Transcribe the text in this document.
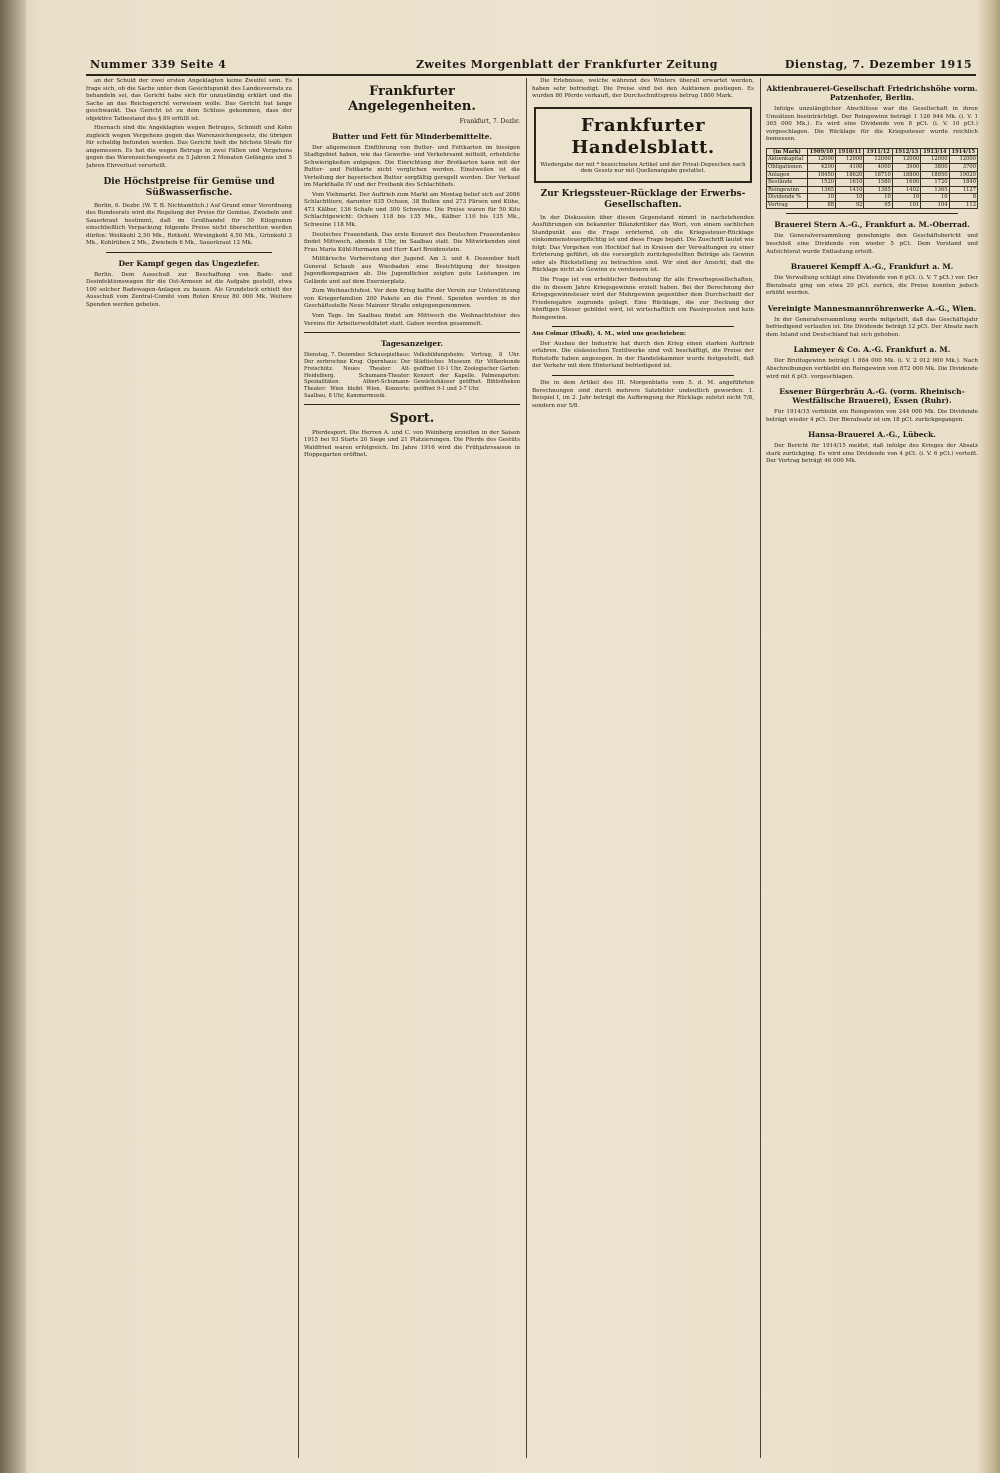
Nummer 339 Seite 4	Zweites Morgenblatt der Frankfurter Zeitung	Dienstag, 7. Dezember 1915

an der Schuld der zwei ersten Angeklagten keine Zweifel sein. Es frage sich, ob die Sache unter dem Gesichtspunkt des Landesverrats zu behandeln sei, das Gericht habe sich für unzuständig erklärt und die Sache an das Reichsgericht verweisen wolle. Das Gericht hat lange geschwankt. Das Gericht ist zu dem Schluss gekommen, dass der objektive Tatbestand des § 89 erfüllt ist.

Hiernach sind die Angeklagten wegen Betruges, Schmidt und Kohn zugleich wegen Vergehens gegen das Warenzeichengesetz, die übrigen für schuldig befunden worden. Das Gericht hielt die höchste Strafe für angemessen. Es hat die wegen Betrugs in zwei Fällen und Vergehens gegen das Warenzeichengesetz zu 5 Jahren 2 Monaten Gefängnis und 5 Jahren Ehrverlust verurteilt.

Die Höchstpreise für Gemüse und Süßwasserfische.

Berlin, 6. Dezbr. (W. T. B. Nichtamtlich.) Auf Grund einer Verordnung des Bundesrats wird die Regelung der Preise für Gemüse, Zwiebeln und Sauerkraut bestimmt, daß im Großhandel für 50 Kilogramm einschließlich Verpackung folgende Preise nicht überschritten werden dürfen: Weißkohl 2,50 Mk., Rotkohl, Wirsingkohl 4,50 Mk., Grünkohl 3 Mk., Kohlrüben 2 Mk., Zwiebeln 6 Mk., Sauerkraut 12 Mk.

Der Kampf gegen das Ungeziefer.

Berlin. Dem Ausschuß zur Beschaffung von Bade- und Desinfektionswagen für die Ost-Armeen ist die Aufgabe gestellt, etwa 100 solcher Badewagen-Anlagen zu bauen. Als Grundstock erhielt der Ausschuß vom Zentral-Comité vom Roten Kreuz 80 000 Mk. Weitere Spenden werden gebeten.

Frankfurter Angelegenheiten.
Frankfurt, 7. Dezbr.
Butter und Fett für Minderbemittelte.

Der allgemeinen Einführung von Butter- und Fettkarten im hiesigen Stadtgebiet haben, wie das Gewerbe- und Verkehrsamt mitteilt, erhebliche Schwierigkeiten entgegen. Die Einrichtung der Brotkarten kann mit der Butter- und Fettkarte nicht verglichen werden. Einstweilen ist die Verteilung der bayerischen Butter sorgfältig geregelt worden. Der Verkauf im Markthalle IV und der Freibank des Schlachthofs.

Vom Viehmarkt. Der Auftrieb zum Markt am Montag belief sich auf 2086 Schlachttiere, darunter 635 Ochsen, 38 Bullen und 273 Färsen und Kühe, 473 Kälber, 136 Schafe und 300 Schweine. Die Preise waren für 50 Kilo Schlachtgewicht: Ochsen 118 bis 135 Mk., Kälber 110 bis 135 Mk., Schweine 118 Mk.

Deutsches Frauendank. Das erste Konzert des Deutschen Frauendankes findet Mittwoch, abends 8 Uhr, im Saalbau statt. Die Mitwirkenden sind Frau Maria Kühl-Hermann und Herr Karl Breidenstein.

Militärische Vorbereitung der Jugend. Am 3. und 4. Dezember hielt General Schaub aus Wiesbaden eine Besichtigung der hiesigen Jugendkompagnien ab. Die Jugendlichen zeigten gute Leistungen im Gelände und auf dem Exerzierplatz.

Zum Weihnachtsfest. Vor dem Krieg halfte der Verein zur Unterstützung von Kriegerfamilien 200 Pakete an die Front. Spenden werden in der Geschäftsstelle Neue Mainzer Straße entgegengenommen.

Vom Tage. Im Saalbau findet am Mittwoch die Weihnachtsfeier des Vereins für Arbeiterwohlfahrt statt. Gaben werden gesammelt.

Tagesanzeiger.
Dienstag, 7. Dezember. Schauspielhaus: Der zerbrochne Krug. Opernhaus: Der Freischütz. Neues Theater: Alt-Heidelberg. Schumann-Theater: Spezialitäten. Albert-Schumann-Theater: Wien bleibt Wien. Konzerte: Saalbau, 8 Uhr, Kammermusik.
Volksbildungsheim: Vortrag, 8 Uhr. Städtisches Museum für Völkerkunde geöffnet 10-1 Uhr. Zoologischer Garten: Konzert der Kapelle. Palmengarten: Gewächshäuser geöffnet. Bibliotheken geöffnet 9-1 und 3-7 Uhr.
Sport.

Pferdesport. Die Herren A. und C. von Weinberg erzielten in der Saison 1915 bei 93 Starts 20 Siege und 21 Platzierungen. Die Pferde des Gestüts Waldfried waren erfolgreich. Im Jahre 1916 wird die Frühjahrssaison in Hoppegarten eröffnet.

Die Erlebnisse, welche während des Winters überall erwartet werden, haben sehr befriedigt. Die Preise sind bei den Auktionen gestiegen. Es wurden 80 Pferde verkauft, der Durchschnittspreis betrug 1800 Mark.

Frankfurter Handelsblatt.
Wiedergabe der mit * bezeichneten Artikel und der Privat-Depeschen nach dem Gesetz nur mit Quellenangabe gestattet.
Zur Kriegssteuer-Rücklage der Erwerbs-Gesellschaften.

In der Diskussion über diesen Gegenstand nimmt in nachstehenden Ausführungen ein bekannter Bilanzkritiker das Wort, von einem sachlichen Standpunkt aus die Frage erörternd, ob die Kriegssteuer-Rücklage einkommensteuerpflichtig ist und diese Frage bejaht. Die Zuschrift lautet wie folgt: Das Vorgehen von Hochtief hat in Kreisen der Verwaltungen zu einer Erörterung geführt, ob die vorsorglich zurückgestellten Beträge als Gewinn oder als Rückstellung zu betrachten sind. Wir sind der Ansicht, daß die Rücklage nicht als Gewinn zu versteuern ist.

Die Frage ist von erheblicher Bedeutung für alle Erwerbsgesellschaften, die in diesem Jahre Kriegsgewinne erzielt haben. Bei der Berechnung der Kriegsgewinnsteuer wird der Mehrgewinn gegenüber dem Durchschnitt der Friedensjahre zugrunde gelegt. Eine Rücklage, die zur Deckung der künftigen Steuer gebildet wird, ist wirtschaftlich ein Passivposten und kein Reingewinn.

Aus Colmar (Elsaß), 4. M., wird uns geschrieben:

Der Ausbau der Industrie hat durch den Krieg einen starken Auftrieb erfahren. Die elsässischen Textilwerke sind voll beschäftigt, die Preise der Rohstoffe haben angezogen. In der Handelskammer wurde festgestellt, daß der Verkehr mit dem Hinterland befriedigend ist.

Die in dem Artikel des III. Morgenblatts vom 5. d. M. angeführten Berechnungen sind durch mehrere Satzfehler undeutlich geworden: 1. Beispiel I, im 2. Jahr beträgt die Aufbringung der Rücklage zuletzt nicht 7/8, sondern nur 5/8.

Aktienbrauerei-Gesellschaft Friedrichshöhe vorm. Patzenhofer, Berlin.

Infolge unzulänglicher Abschlüsse war die Gesellschaft in ihren Umsätzen beeinträchtigt. Der Reingewinn beträgt 1 126 944 Mk. (i. V. 1 365 000 Mk.). Es wird eine Dividende von 8 pCt. (i. V. 10 pCt.) vorgeschlagen. Die Rücklage für die Kriegssteuer wurde reichlich bemessen.

(in Mark)	1909/10	1910/11	1911/12	1912/13	1913/14	1914/15
Aktienkapital	12000	12000	12000	12000	12000	12000
Obligationen	4200	4100	4000	3900	3800	3700
Anlagen	18450	18620	18710	18800	18950	19020
Bestände	1520	1610	1580	1690	1720	1840
Reingewinn	1365	1410	1385	1402	1365	1127
Dividende %	10	10	10	10	10	8
Vortrag	88	92	95	101	104	112
Brauerei Stern A.-G., Frankfurt a. M.-Oberrad.

Die Generalversammlung genehmigte den Geschäftsbericht und beschloß eine Dividende von wieder 5 pCt. Dem Vorstand und Aufsichtsrat wurde Entlastung erteilt.

Brauerei Kempff A.-G., Frankfurt a. M.

Die Verwaltung schlägt eine Dividende von 6 pCt. (i. V. 7 pCt.) vor. Der Bierabsatz ging um etwa 20 pCt. zurück, die Preise konnten jedoch erhöht werden.

Vereinigte Mannesmannröhrenwerke A.-G., Wien.

In der Generalversammlung wurde mitgeteilt, daß das Geschäftsjahr befriedigend verlaufen ist. Die Dividende beträgt 12 pCt. Der Absatz nach dem Inland und Deutschland hat sich gehoben.

Lahmeyer & Co. A.-G. Frankfurt a. M.

Der Bruttogewinn beträgt 1 884 000 Mk. (i. V. 2 012 000 Mk.). Nach Abschreibungen verbleibt ein Reingewinn von 872 000 Mk. Die Dividende wird mit 6 pCt. vorgeschlagen.

Essener Bürgerbräu A.-G. (vorm. Rheinisch-Westfälische Brauerei), Essen (Ruhr).

Für 1914/15 verbleibt ein Reingewinn von 244 000 Mk. Die Dividende beträgt wieder 4 pCt. Der Bierabsatz ist um 18 pCt. zurückgegangen.

Hansa-Brauerei A.-G., Lübeck.

Der Bericht für 1914/15 meldet, daß infolge des Krieges der Absatz stark zurückging. Es wird eine Dividende von 4 pCt. (i. V. 6 pCt.) verteilt. Der Vortrag beträgt 46 000 Mk.
